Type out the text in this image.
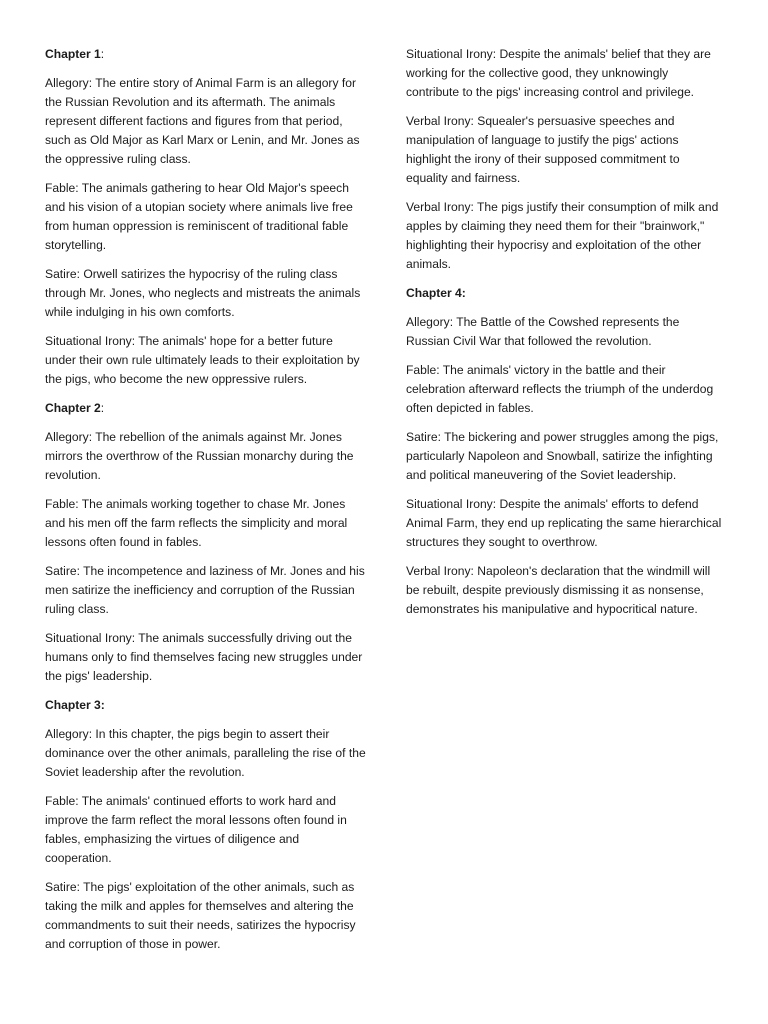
Chapter 1:

Allegory: The entire story of Animal Farm is an allegory for the Russian Revolution and its aftermath. The animals represent different factions and figures from that period, such as Old Major as Karl Marx or Lenin, and Mr. Jones as the oppressive ruling class.

Fable: The animals gathering to hear Old Major's speech and his vision of a utopian society where animals live free from human oppression is reminiscent of traditional fable storytelling.

Satire: Orwell satirizes the hypocrisy of the ruling class through Mr. Jones, who neglects and mistreats the animals while indulging in his own comforts.

Situational Irony: The animals' hope for a better future under their own rule ultimately leads to their exploitation by the pigs, who become the new oppressive rulers.

Chapter 2:

Allegory: The rebellion of the animals against Mr. Jones mirrors the overthrow of the Russian monarchy during the revolution.

Fable: The animals working together to chase Mr. Jones and his men off the farm reflects the simplicity and moral lessons often found in fables.

Satire: The incompetence and laziness of Mr. Jones and his men satirize the inefficiency and corruption of the Russian ruling class.

Situational Irony: The animals successfully driving out the humans only to find themselves facing new struggles under the pigs' leadership.

Chapter 3:

Allegory: In this chapter, the pigs begin to assert their dominance over the other animals, paralleling the rise of the Soviet leadership after the revolution.

Fable: The animals' continued efforts to work hard and improve the farm reflect the moral lessons often found in fables, emphasizing the virtues of diligence and cooperation.

Satire: The pigs' exploitation of the other animals, such as taking the milk and apples for themselves and altering the commandments to suit their needs, satirizes the hypocrisy and corruption of those in power.

Situational Irony: Despite the animals' belief that they are working for the collective good, they unknowingly contribute to the pigs' increasing control and privilege.

Verbal Irony: Squealer's persuasive speeches and manipulation of language to justify the pigs' actions highlight the irony of their supposed commitment to equality and fairness.

Verbal Irony: The pigs justify their consumption of milk and apples by claiming they need them for their "brainwork," highlighting their hypocrisy and exploitation of the other animals.

Chapter 4:

Allegory: The Battle of the Cowshed represents the Russian Civil War that followed the revolution.

Fable: The animals' victory in the battle and their celebration afterward reflects the triumph of the underdog often depicted in fables.

Satire: The bickering and power struggles among the pigs, particularly Napoleon and Snowball, satirize the infighting and political maneuvering of the Soviet leadership.

Situational Irony: Despite the animals' efforts to defend Animal Farm, they end up replicating the same hierarchical structures they sought to overthrow.

Verbal Irony: Napoleon's declaration that the windmill will be rebuilt, despite previously dismissing it as nonsense, demonstrates his manipulative and hypocritical nature.
